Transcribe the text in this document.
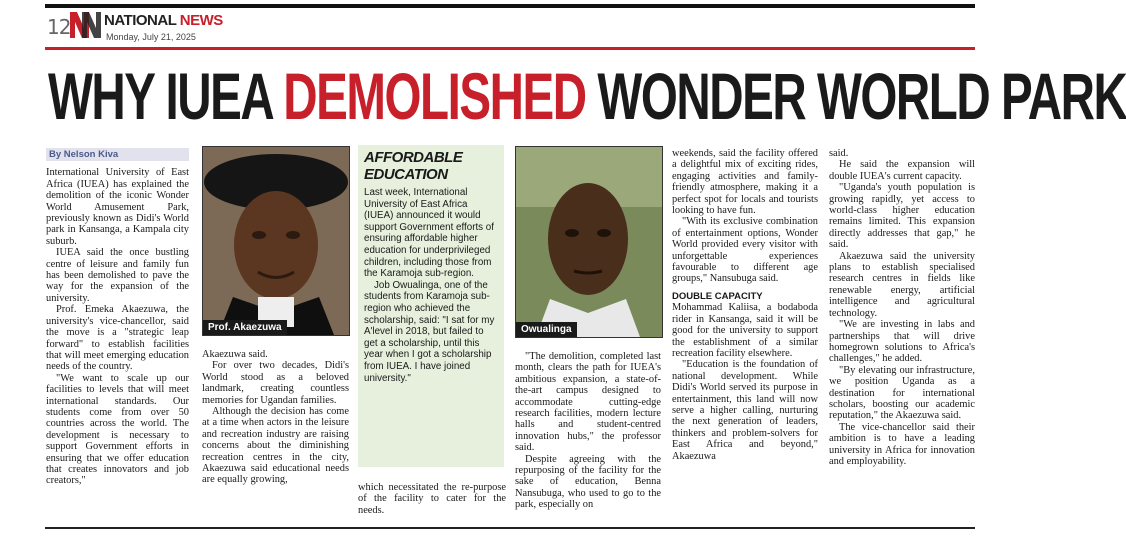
12 NATIONAL NEWS
Monday, July 21, 2025
WHY IUEA DEMOLISHED WONDER WORLD PARK
By Nelson Kiva

International University of East Africa (IUEA) has explained the demolition of the iconic Wonder World Amusement Park, previously known as Didi's World park in Kansanga, a Kampala city suburb.

IUEA said the once bustling centre of leisure and family fun has been demolished to pave the way for the expansion of the university.

Prof. Emeka Akaezuwa, the university's vice-chancellor, said the move is a "strategic leap forward" to establish facilities that will meet emerging education needs of the country.

"We want to scale up our facilities to levels that will meet international standards. Our students come from over 50 countries across the world. The development is necessary to support Government efforts in ensuring that we offer education that creates innovators and job creators,"

Prof. Akaezuwa

Akaezuwa said.

For over two decades, Didi's World stood as a beloved landmark, creating countless memories for Ugandan families.

Although the decision has come at a time when actors in the leisure and recreation industry are raising concerns about the diminishing recreation centres in the city, Akaezuwa said educational needs are equally growing,

AFFORDABLE EDUCATION

Last week, International University of East Africa (IUEA) announced it would support Government efforts of ensuring affordable higher education for underprivileged children, including those from the Karamoja sub-region.

Job Owualinga, one of the students from Karamoja sub-region who achieved the scholarship, said: "I sat for my A'level in 2018, but failed to get a scholarship, until this year when I got a scholarship from IUEA. I have joined university."

which necessitated the re-purpose of the facility to cater for the needs.

Owualinga

"The demolition, completed last month, clears the path for IUEA's ambitious expansion, a state-of-the-art campus designed to accommodate cutting-edge research facilities, modern lecture halls and student-centred innovation hubs," the professor said.

Despite agreeing with the repurposing of the facility for the sake of education, Benna Nansubuga, who used to go to the park, especially on

weekends, said the facility offered a delightful mix of exciting rides, engaging activities and family-friendly atmosphere, making it a perfect spot for locals and tourists looking to have fun.

"With its exclusive combination of entertainment options, Wonder World provided every visitor with unforgettable experiences favourable to different age groups," Nansubuga said.

DOUBLE CAPACITY

Mohammad Kaliisa, a bodaboda rider in Kansanga, said it will be good for the university to support the establishment of a similar recreation facility elsewhere.

"Education is the foundation of national development. While Didi's World served its purpose in entertainment, this land will now serve a higher calling, nurturing the next generation of leaders, thinkers and problem-solvers for East Africa and beyond," Akaezuwa

said.

He said the expansion will double IUEA's current capacity.

"Uganda's youth population is growing rapidly, yet access to world-class higher education remains limited. This expansion directly addresses that gap," he said.

Akaezuwa said the university plans to establish specialised research centres in fields like renewable energy, artificial intelligence and agricultural technology.

"We are investing in labs and partnerships that will drive homegrown solutions to Africa's challenges," he added.

"By elevating our infrastructure, we position Uganda as a destination for international scholars, boosting our academic reputation," the Akaezuwa said.

The vice-chancellor said their ambition is to have a leading university in Africa for innovation and employability.
